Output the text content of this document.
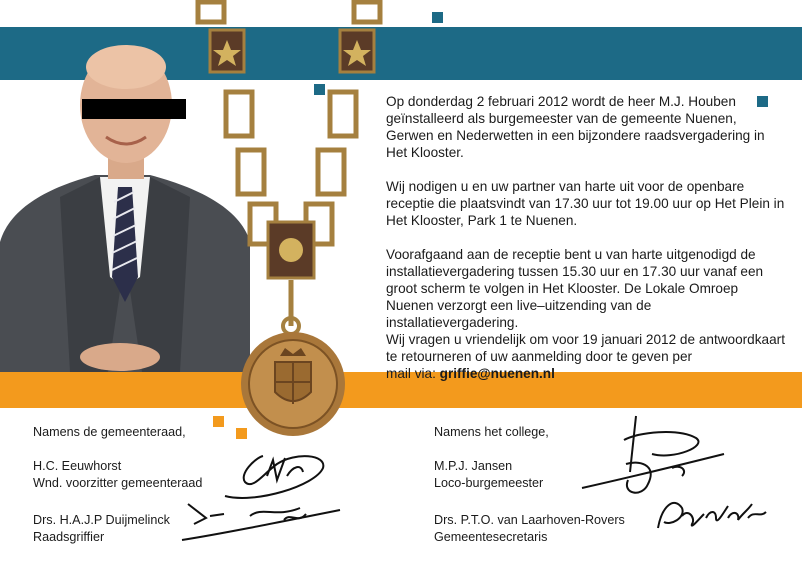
Op donderdag 2 februari 2012 wordt de heer M.J. Houben geïnstalleerd als burgemeester van de gemeente Nuenen, Gerwen en Nederwetten in een bijzondere raadsvergadering in Het Klooster.

Wij nodigen u en uw partner van harte uit voor de openbare receptie die plaatsvindt van 17.30 uur tot 19.00 uur op Het Plein in Het Klooster, Park 1 te Nuenen.

Voorafgaand aan de receptie bent u van harte uitgenodigd de installatievergadering tussen 15.30 uur en 17.30 uur vanaf een groot scherm te volgen in Het Klooster. De Lokale Omroep Nuenen verzorgt een live–uitzending van de installatievergadering.

Wij vragen u vriendelijk om voor 19 januari 2012 de antwoordkaart te retourneren of uw aanmelding door te geven per

mail via: griffie@nuenen.nl

Namens de gemeenteraad,
H.C. Eeuwhorst
Wnd. voorzitter gemeenteraad
Drs. H.A.J.P Duijmelinck
Raadsgriffier
Namens het college,
M.P.J. Jansen
Loco-burgemeester
Drs. P.T.O. van Laarhoven-Rovers
Gemeentesecretaris
